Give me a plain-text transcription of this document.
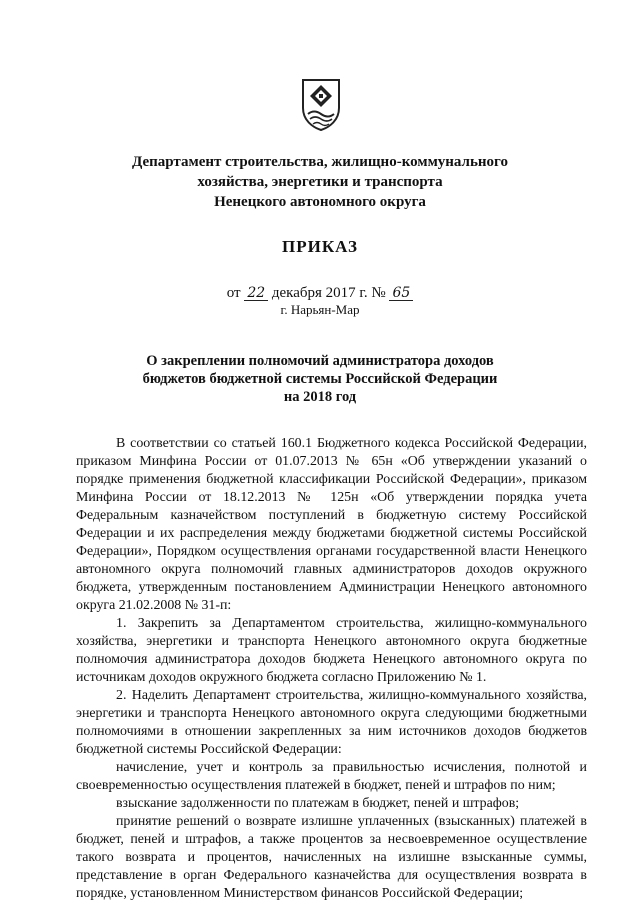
Департамент строительства, жилищно-коммунального
хозяйства, энергетики и транспорта
Ненецкого автономного округа
ПРИКАЗ
от 22 декабря 2017 г. № 65
г. Нарьян-Мар
О закреплении полномочий администратора доходов
бюджетов бюджетной системы Российской Федерации
на 2018 год

В соответствии со статьей 160.1 Бюджетного кодекса Российской Федерации, приказом Минфина России от 01.07.2013 № 65н «Об утверждении указаний о порядке применения бюджетной классификации Российской Федерации», приказом Минфина России от 18.12.2013 № 125н «Об утверждении порядка учета Федеральным казначейством поступлений в бюджетную систему Российской Федерации и их распределения между бюджетами бюджетной системы Российской Федерации», Порядком осуществления органами государственной власти Ненецкого автономного округа полномочий главных администраторов доходов окружного бюджета, утвержденным постановлением Администрации Ненецкого автономного округа 21.02.2008 № 31-п:

1. Закрепить за Департаментом строительства, жилищно-коммунального хозяйства, энергетики и транспорта Ненецкого автономного округа бюджетные полномочия администратора доходов бюджета Ненецкого автономного округа по источникам доходов окружного бюджета согласно Приложению № 1.

2. Наделить Департамент строительства, жилищно-коммунального хозяйства, энергетики и транспорта Ненецкого автономного округа следующими бюджетными полномочиями в отношении закрепленных за ним источников доходов бюджетов бюджетной системы Российской Федерации:

начисление, учет и контроль за правильностью исчисления, полнотой и своевременностью осуществления платежей в бюджет, пеней и штрафов по ним;

взыскание задолженности по платежам в бюджет, пеней и штрафов;

принятие решений о возврате излишне уплаченных (взысканных) платежей в бюджет, пеней и штрафов, а также процентов за несвоевременное осуществление такого возврата и процентов, начисленных на излишне взысканные суммы, представление в орган Федерального казначейства для осуществления возврата в порядке, установленном Министерством финансов Российской Федерации;
